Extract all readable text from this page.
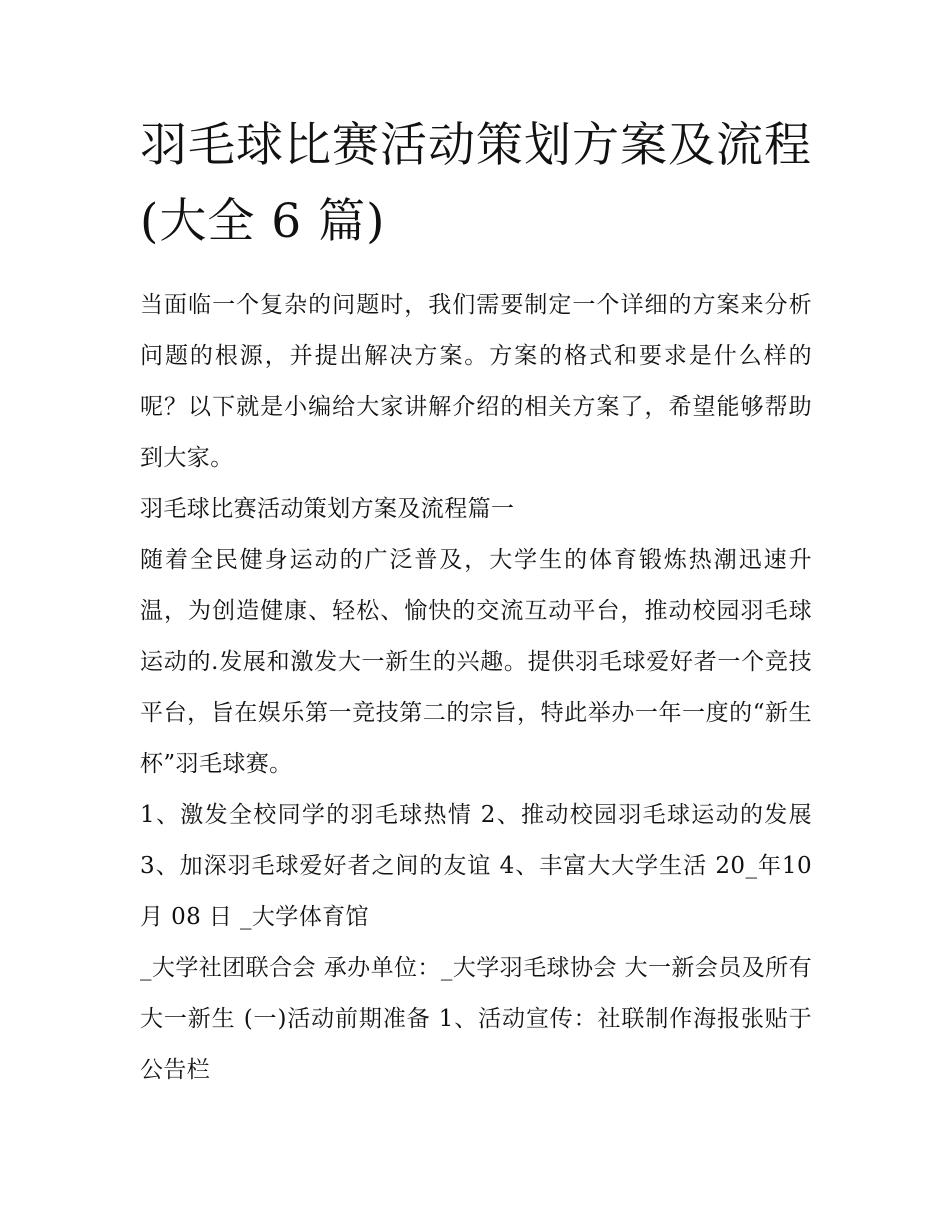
羽毛球比赛活动策划方案及流程(大全 6 篇)

当面临一个复杂的问题时，我们需要制定一个详细的方案来分析问题的根源，并提出解决方案。方案的格式和要求是什么样的呢？以下就是小编给大家讲解介绍的相关方案了，希望能够帮助到大家。

羽毛球比赛活动策划方案及流程篇一

随着全民健身运动的广泛普及，大学生的体育锻炼热潮迅速升温，为创造健康、轻松、愉快的交流互动平台，推动校园羽毛球运动的.发展和激发大一新生的兴趣。提供羽毛球爱好者一个竞技平台，旨在娱乐第一竞技第二的宗旨，特此举办一年一度的“新生杯”羽毛球赛。

1、激发全校同学的羽毛球热情 2、推动校园羽毛球运动的发展 3、加深羽毛球爱好者之间的友谊 4、丰富大大学生活 20_年10 月 08 日 _大学体育馆

_大学社团联合会 承办单位：_大学羽毛球协会 大一新会员及所有大一新生 (一)活动前期准备 1、活动宣传：社联制作海报张贴于公告栏
